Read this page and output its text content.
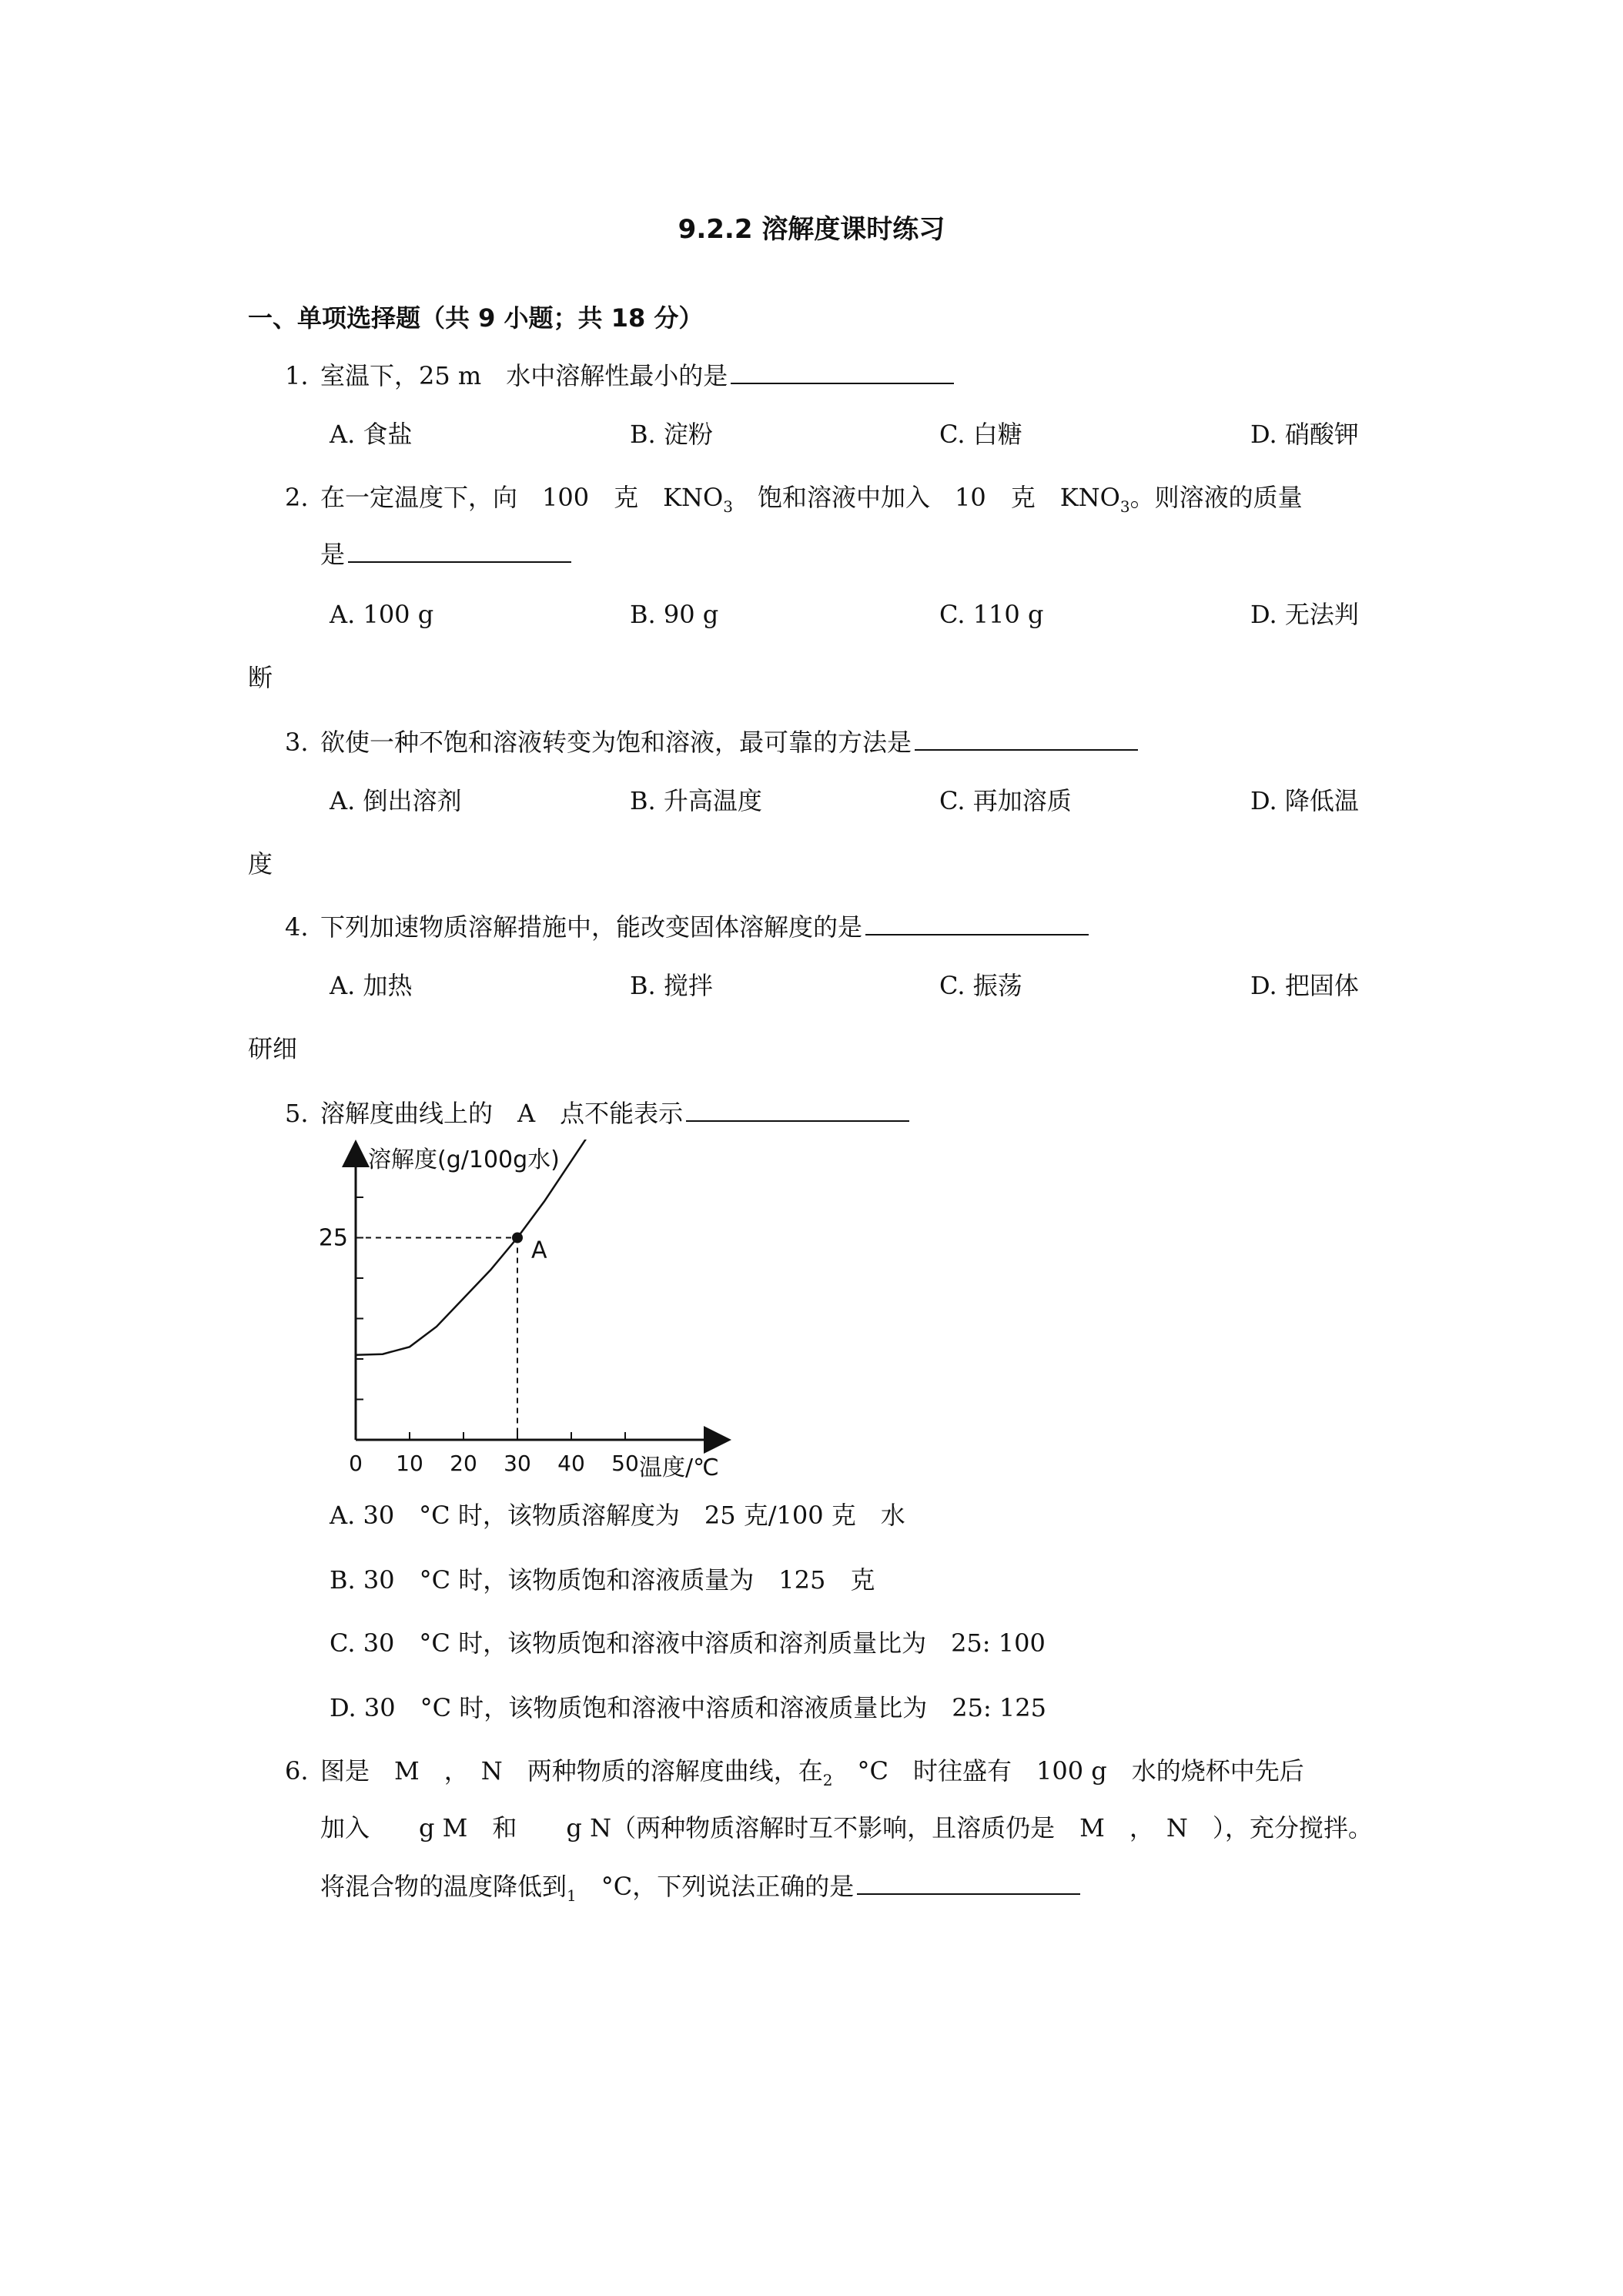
9.2.2 溶解度课时练习
一、单项选择题（共 9 小题；共 18 分）
1. 室温下，25 m　水中溶解性最小的是
A. 食盐	B. 淀粉	C. 白糖	D. 硝酸钾
2. 在一定温度下，向　100　克　$KNO_3$　饱和溶液中加入　10　克　$KNO_3$。则溶液的质量
是
A. 100 g	B. 90 g	C. 110 g	D. 无法判
断
3. 欲使一种不饱和溶液转变为饱和溶液，最可靠的方法是
A. 倒出溶剂	B. 升高温度	C. 再加溶质	D. 降低温
度
4. 下列加速物质溶解措施中，能改变固体溶解度的是
A. 加热	B. 搅拌	C. 振荡	D. 把固体
研细
5. 溶解度曲线上的　A　点不能表示
溶解度(g/100g水)
0 10 20 30 40 50 温度/℃
25	A
A. 30　°C 时，该物质溶解度为　25 克/100 克　水
B. 30　°C 时，该物质饱和溶液质量为　125　克
C. 30　°C 时，该物质饱和溶液中溶质和溶剂质量比为　25: 100
D. 30　°C 时，该物质饱和溶液中溶质和溶液质量比为　25: 125
6. 图是　M　，　N　两种物质的溶解度曲线，在$_2$　°C　时往盛有　100 g　水的烧杯中先后
加入　　g M　和　　g N（两种物质溶解时互不影响，且溶质仍是　M　，　N　），充分搅拌。
将混合物的温度降低到$_1$　°C，下列说法正确的是
